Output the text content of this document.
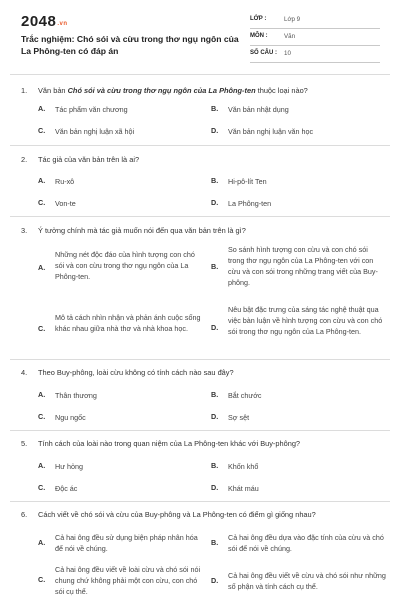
2048.vn
Trắc nghiệm: Chó sói và cừu trong thơ ngụ ngôn của La Phông-ten có đáp án
LỚP :	Lớp 9
MÔN :	Văn
SỐ CÂU : 10
1. Văn bản Chó sói và cừu trong thơ ngụ ngôn của La Phông-ten thuộc loại nào?
A. Tác phẩm văn chương	B. Văn bản nhật dụng
C. Văn bản nghị luận xã hội	D. Văn bản nghị luận văn học
2. Tác giả của văn bản trên là ai?
A. Ru-xô	B. Hi-pô-lít Ten
C. Von-te	D. La Phông-ten
3. Ý tưởng chính mà tác giả muốn nói đến qua văn bản trên là gì?
A.
Những nét độc đáo của hình tượng con chó sói và con cừu trong thơ ngụ ngôn của La Phông-ten.
B.
So sánh hình tượng con cừu và con chó sói trong thơ ngụ ngôn của La Phông-ten với con cừu và con sói trong những trang viết của Buy-phông.
C.
Mô tả cách nhìn nhận và phản ánh cuộc sống khác nhau giữa nhà thơ và nhà khoa học.	D.
Nêu bật đặc trưng của sáng tác nghệ thuật qua việc bàn luận về hình tượng con cừu và con chó sói trong thơ ngụ ngôn của La Phông-ten.
4. Theo Buy-phông, loài cừu không có tính cách nào sau đây?
A. Thân thương	B. Bắt chước
C. Ngu ngốc	D. Sợ sệt
5. Tính cách của loài nào trong quan niệm của La Phông-ten khác với Buy-phông?
A. Hư hỏng	B. Khốn khổ
C. Độc ác	D. Khát máu
6. Cách viết về chó sói và cừu của Buy-phông và La Phông-ten có điểm gì giống nhau?
A.
Cả hai ông đều sử dụng biện pháp nhân hóa để nói về chúng.
B.
Cả hai ông đều dựa vào đặc tính của cừu và chó sói để nói về chúng.
C.
Cả hai ông đều viết về loài cừu và chó sói nói chung chứ không phải một con cừu, con chó sói cụ thể.
D.
Cả hai ông đều viết về cừu và chó sói như những số phận và tính cách cụ thể.
